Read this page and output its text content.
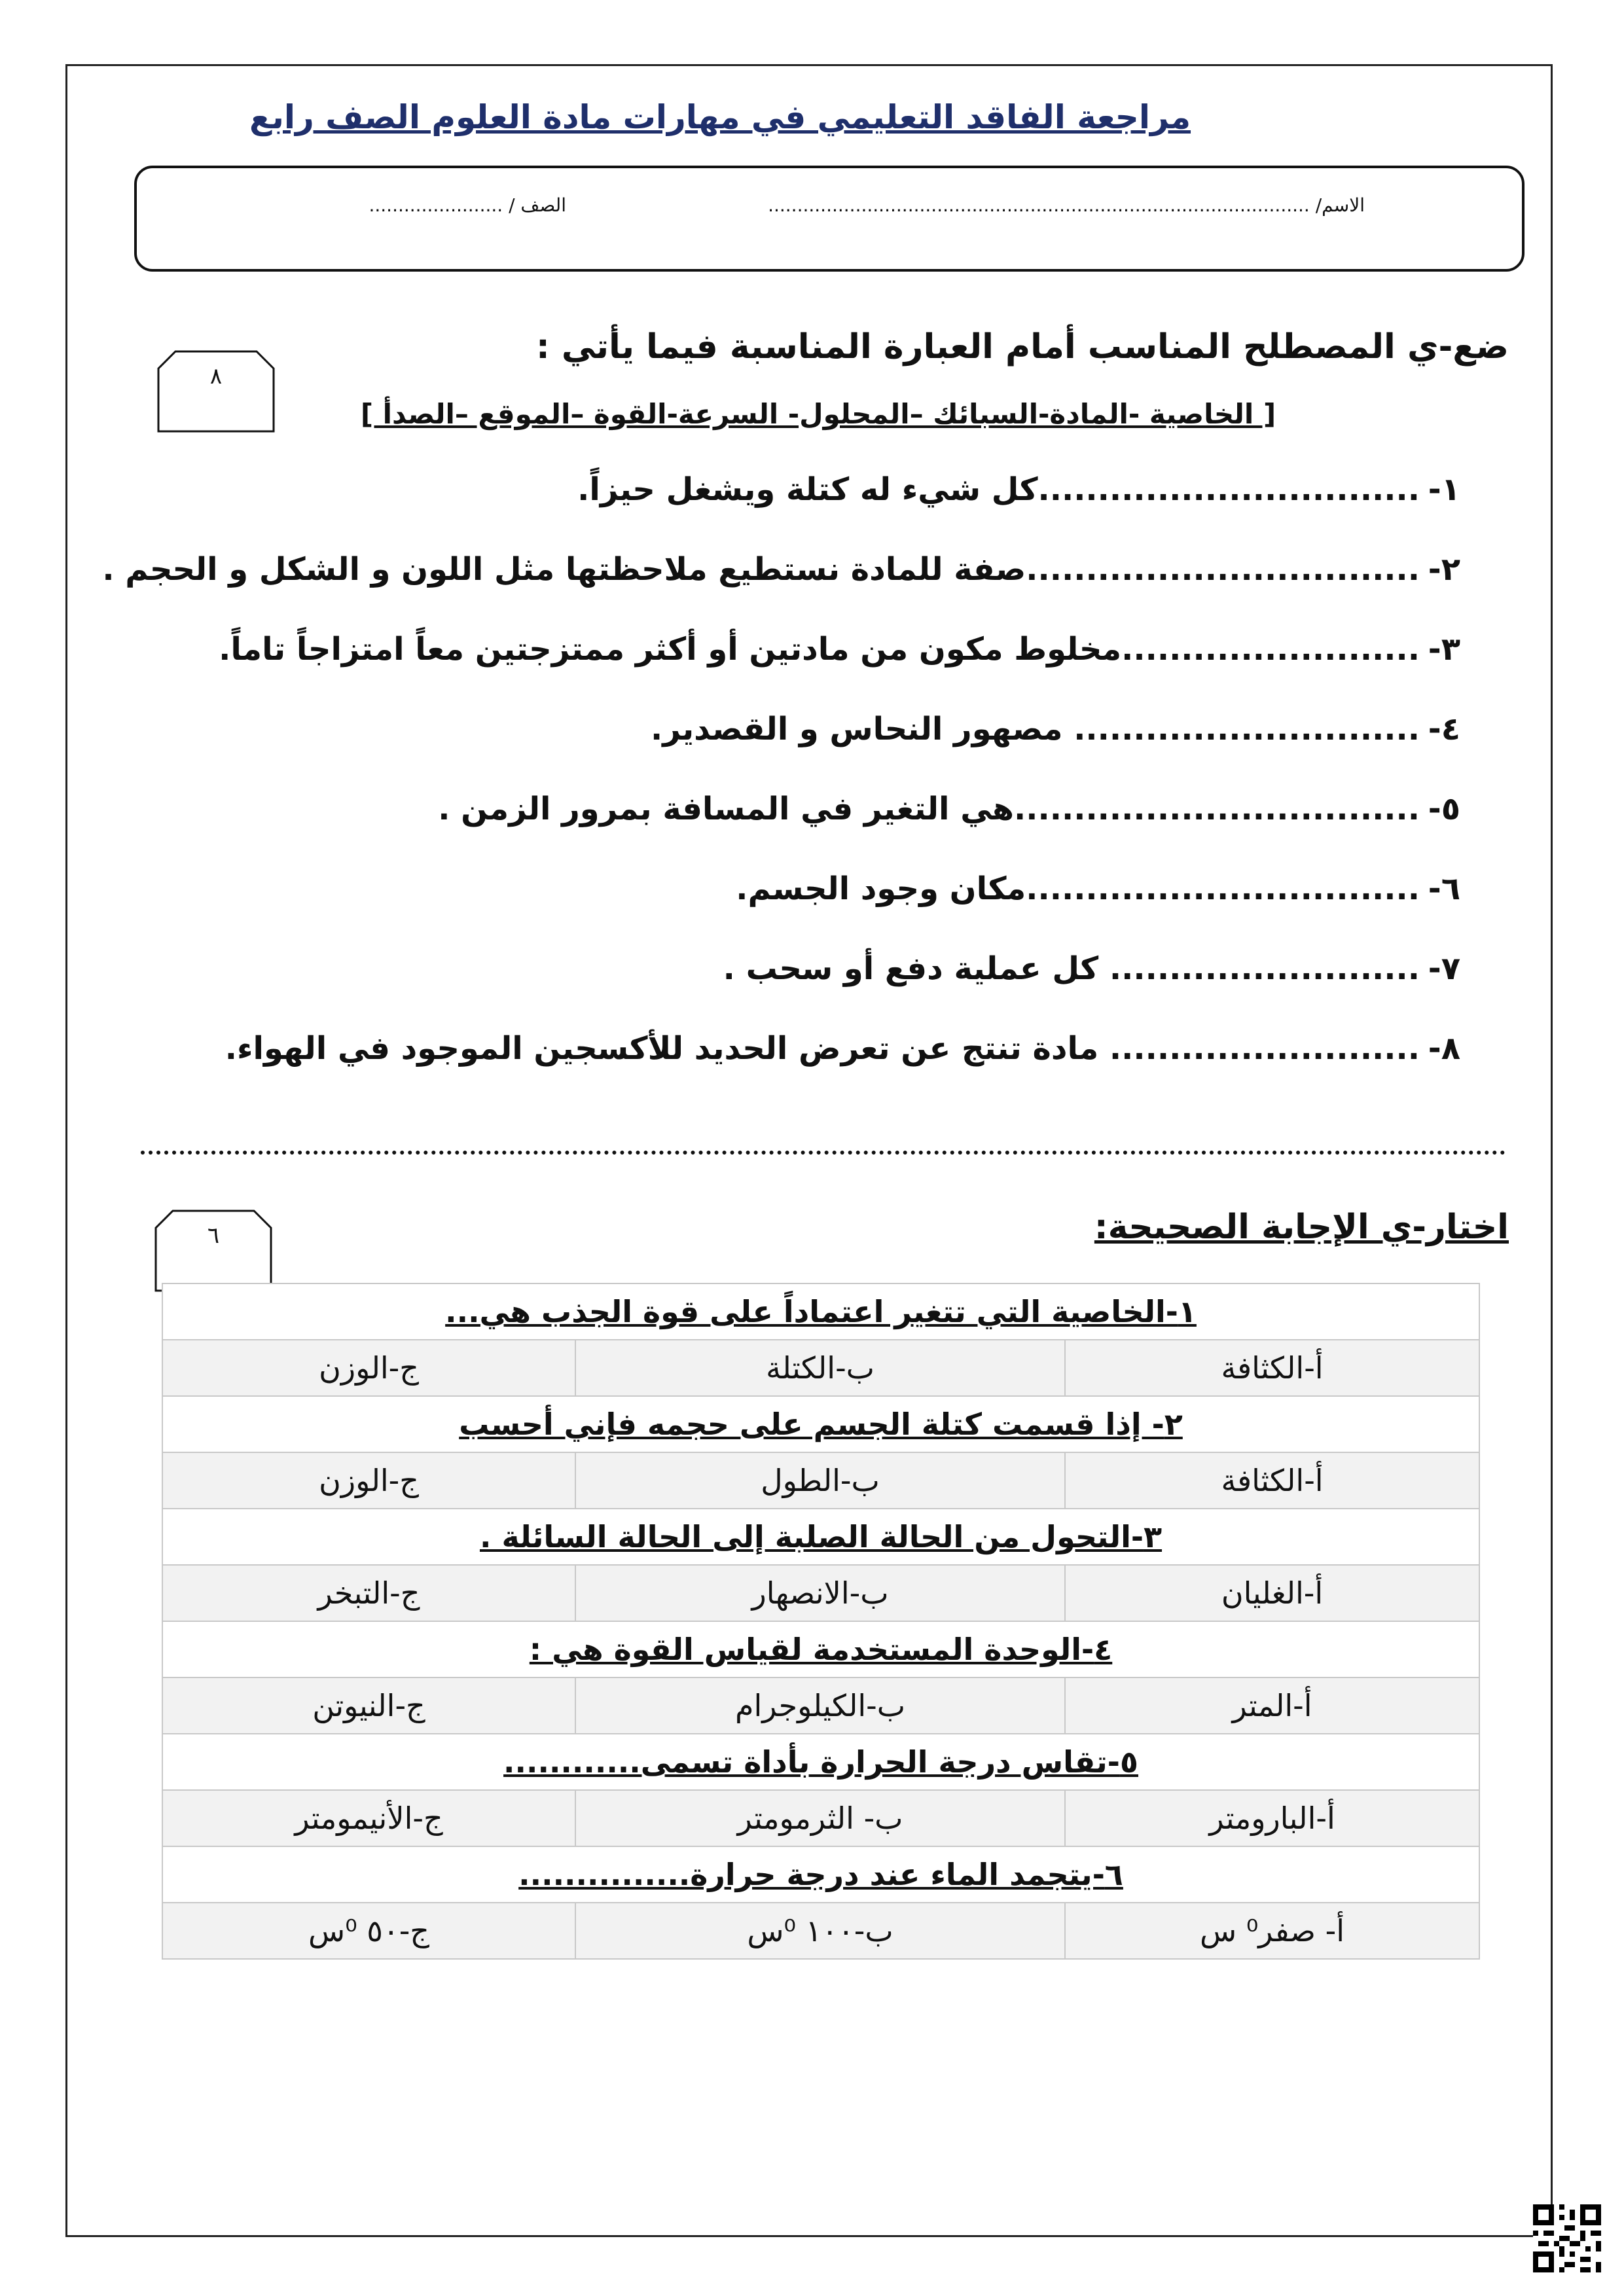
مراجعة الفاقد التعليمي في مهارات مادة العلوم الصف رابع
الاسم/ .............................................................................................
الصف / .......................
٨
ضع-ي المصطلح المناسب أمام العبارة المناسبة فيما يأتي :
[ الخاصية -المادة-السبائك –المحلول- السرعة-القوة –الموقع –الصدأ ]
١-................................كل شيء له كتلة ويشغل حيزاً.
٢-.................................صفة للمادة نستطيع ملاحظتها مثل اللون و الشكل و الحجم .
٣-.........................مخلوط مكون من مادتين أو أكثر ممتزجتين معاً امتزاجاً تاماً.
٤-............................. مصهور النحاس و القصدير.
٥-..................................هي التغير في المسافة بمرور الزمن .
٦-.................................مكان وجود الجسم.
٧-.......................... كل عملية دفع أو سحب .
٨-.......................... مادة تنتج عن تعرض الحديد للأكسجين الموجود في الهواء.
٦	اختار-ي الإجابة الصحيحة:
١-الخاصية التي تتغير اعتماداً على قوة الجذب هي...		
أ-الكثافة	ب-الكتلة	ج-الوزن
٢- إذا قسمت كتلة الجسم على حجمه فإني أحسب		
أ-الكثافة	ب-الطول	ج-الوزن
٣-التحول من الحالة الصلبة إلى الحالة السائلة .		
أ-الغليان	ب-الانصهار	ج-التبخر
٤-الوحدة المستخدمة لقياس القوة هي :		
أ-المتر	ب-الكيلوجرام	ج-النيوتن
٥-تقاس درجة الحرارة بأداة تسمى............		
أ-البارومتر	ب- الثرمومتر	ج-الأنيمومتر
٦-يتجمد الماء عند درجة حرارة...............		
أ- صفر⁰ س	ب-١٠٠ ⁰س	ج-٥٠ ⁰س
